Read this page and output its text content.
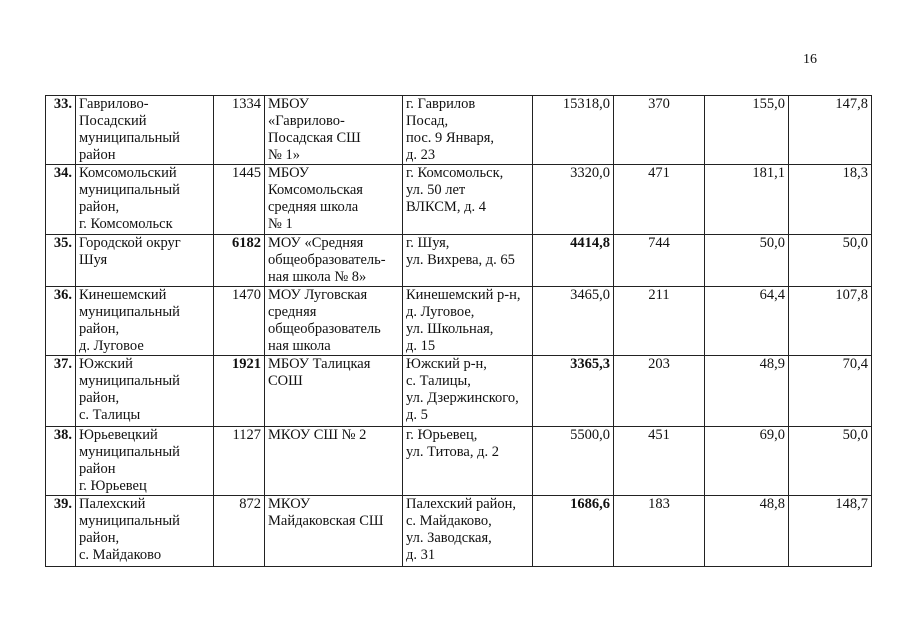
16
33.	Гаврилово-
Посадский
муниципальный
район	1334	МБОУ
«Гаврилово-
Посадская СШ
№ 1»	г. Гаврилов
Посад,
пос. 9 Января,
д. 23	15318,0	370	155,0	147,8
34.	Комсомольский
муниципальный
район,
г. Комсомольск	1445	МБОУ
Комсомольская
средняя школа
№ 1	г. Комсомольск,
ул. 50 лет
ВЛКСМ, д. 4	3320,0	471	181,1	18,3
35.	Городской округ
Шуя	6182	МОУ «Средняя
общеобразователь-
ная школа № 8»	г. Шуя,
ул. Вихрева, д. 65	4414,8	744	50,0	50,0
36.	Кинешемский
муниципальный
район,
д. Луговое	1470	МОУ Луговская
средняя
общеобразователь
ная школа	Кинешемский р-н,
д. Луговое,
ул. Школьная,
д. 15	3465,0	211	64,4	107,8
37.	Южский
муниципальный
район,
с. Талицы	1921	МБОУ Талицкая
СОШ	Южский р-н,
с. Талицы,
ул. Дзержинского,
д. 5	3365,3	203	48,9	70,4
38.	Юрьевецкий
муниципальный
район
г. Юрьевец	1127	МКОУ СШ № 2	г. Юрьевец,
ул. Титова, д. 2	5500,0	451	69,0	50,0
39.	Палехский
муниципальный
район,
с. Майдаково	872	МКОУ
Майдаковская СШ	Палехский район,
с. Майдаково,
ул. Заводская,
д. 31	1686,6	183	48,8	148,7
